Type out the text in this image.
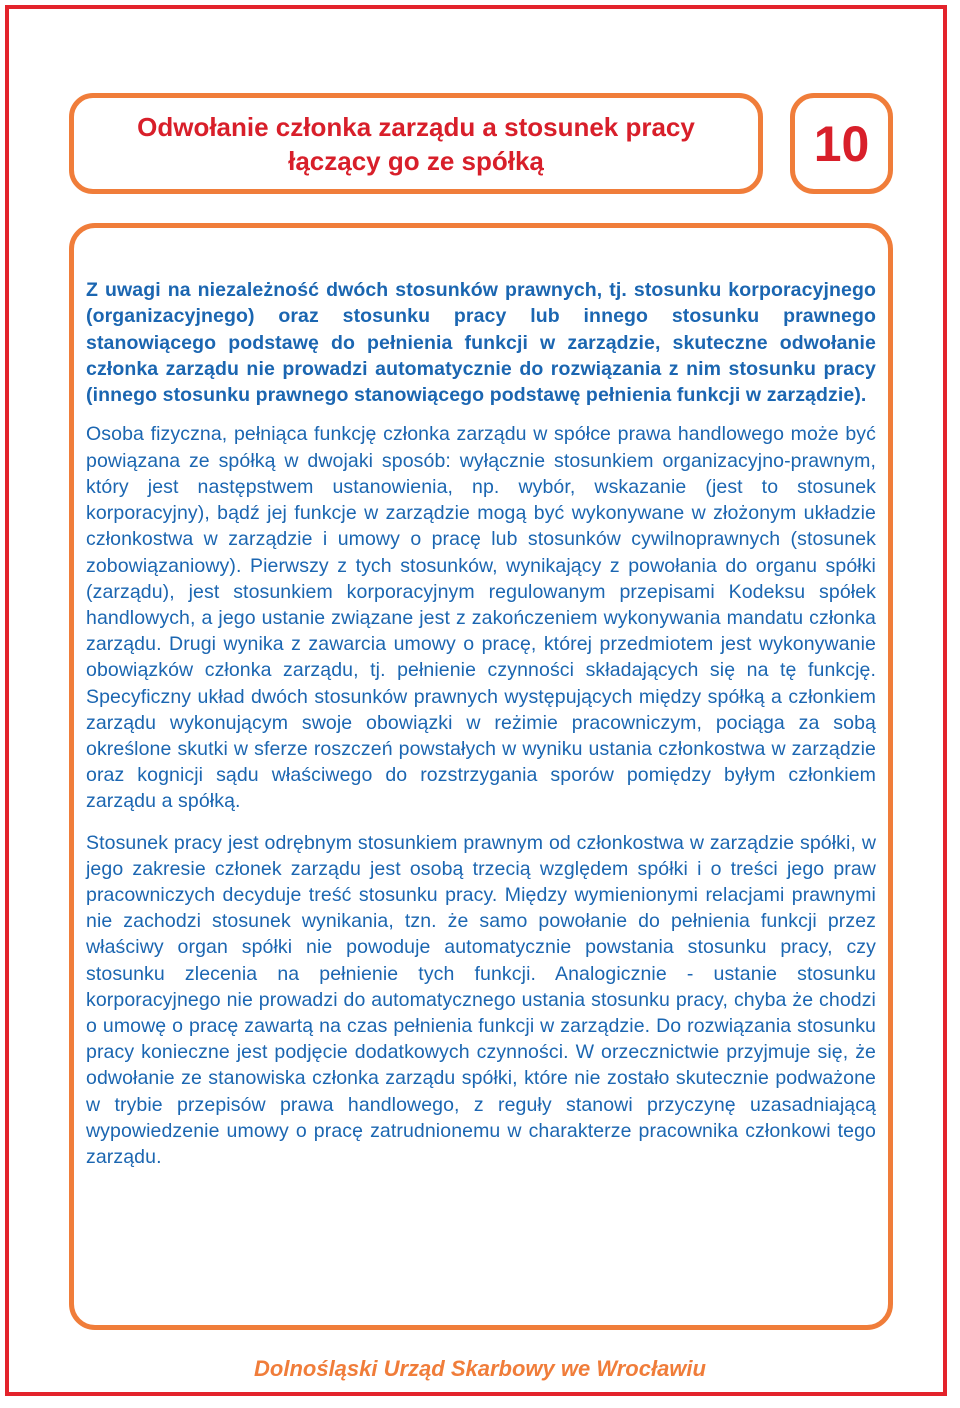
Odwołanie członka zarządu a stosunek pracy
łączący go ze spółką	10

Z uwagi na niezależność dwóch stosunków prawnych, tj. stosunku korporacyjnego (organizacyjnego) oraz stosunku pracy lub innego stosunku prawnego stanowiącego podstawę do pełnienia funkcji w zarządzie, skuteczne odwołanie członka zarządu nie prowadzi automatycznie do rozwiązania z nim stosunku pracy (innego stosunku prawnego stanowiącego podstawę pełnienia funkcji w zarządzie).

Osoba fizyczna, pełniąca funkcję członka zarządu w spółce prawa handlowego może być powiązana ze spółką w dwojaki sposób: wyłącznie stosunkiem organizacyjno-prawnym, który jest następstwem ustanowienia, np. wybór, wskazanie (jest to stosunek korporacyjny), bądź jej funkcje w zarządzie mogą być wykonywane w złożonym układzie członkostwa w zarządzie i umowy o pracę lub stosunków cywilnoprawnych (stosunek zobowiązaniowy). Pierwszy z tych stosunków, wynikający z powołania do organu spółki (zarządu), jest stosunkiem korporacyjnym regulowanym przepisami Kodeksu spółek handlowych, a jego ustanie związane jest z zakończeniem wykonywania mandatu członka zarządu. Drugi wynika z zawarcia umowy o pracę, której przedmiotem jest wykonywanie obowiązków członka zarządu, tj. pełnienie czynności składających się na tę funkcję. Specyficzny układ dwóch stosunków prawnych występujących między spółką a członkiem zarządu wykonującym swoje obowiązki w reżimie pracowniczym, pociąga za sobą określone skutki w sferze roszczeń powstałych w wyniku ustania członkostwa w zarządzie oraz kognicji sądu właściwego do rozstrzygania sporów pomiędzy byłym członkiem zarządu a spółką.

Stosunek pracy jest odrębnym stosunkiem prawnym od członkostwa w zarządzie spółki, w jego zakresie członek zarządu jest osobą trzecią względem spółki i o treści jego praw pracowniczych decyduje treść stosunku pracy. Między wymienionymi relacjami prawnymi nie zachodzi stosunek wynikania, tzn. że samo powołanie do pełnienia funkcji przez właściwy organ spółki nie powoduje automatycznie powstania stosunku pracy, czy stosunku zlecenia na pełnienie tych funkcji. Analogicznie - ustanie stosunku korporacyjnego nie prowadzi do automatycznego ustania stosunku pracy, chyba że chodzi o umowę o pracę zawartą na czas pełnienia funkcji w zarządzie. Do rozwiązania stosunku pracy konieczne jest podjęcie dodatkowych czynności. W orzecznictwie przyjmuje się, że odwołanie ze stanowiska członka zarządu spółki, które nie zostało skutecznie podważone w trybie przepisów prawa handlowego, z reguły stanowi przyczynę uzasadniającą wypowiedzenie umowy o pracę zatrudnionemu w charakterze pracownika członkowi tego zarządu.

Dolnośląski Urząd Skarbowy we Wrocławiu
